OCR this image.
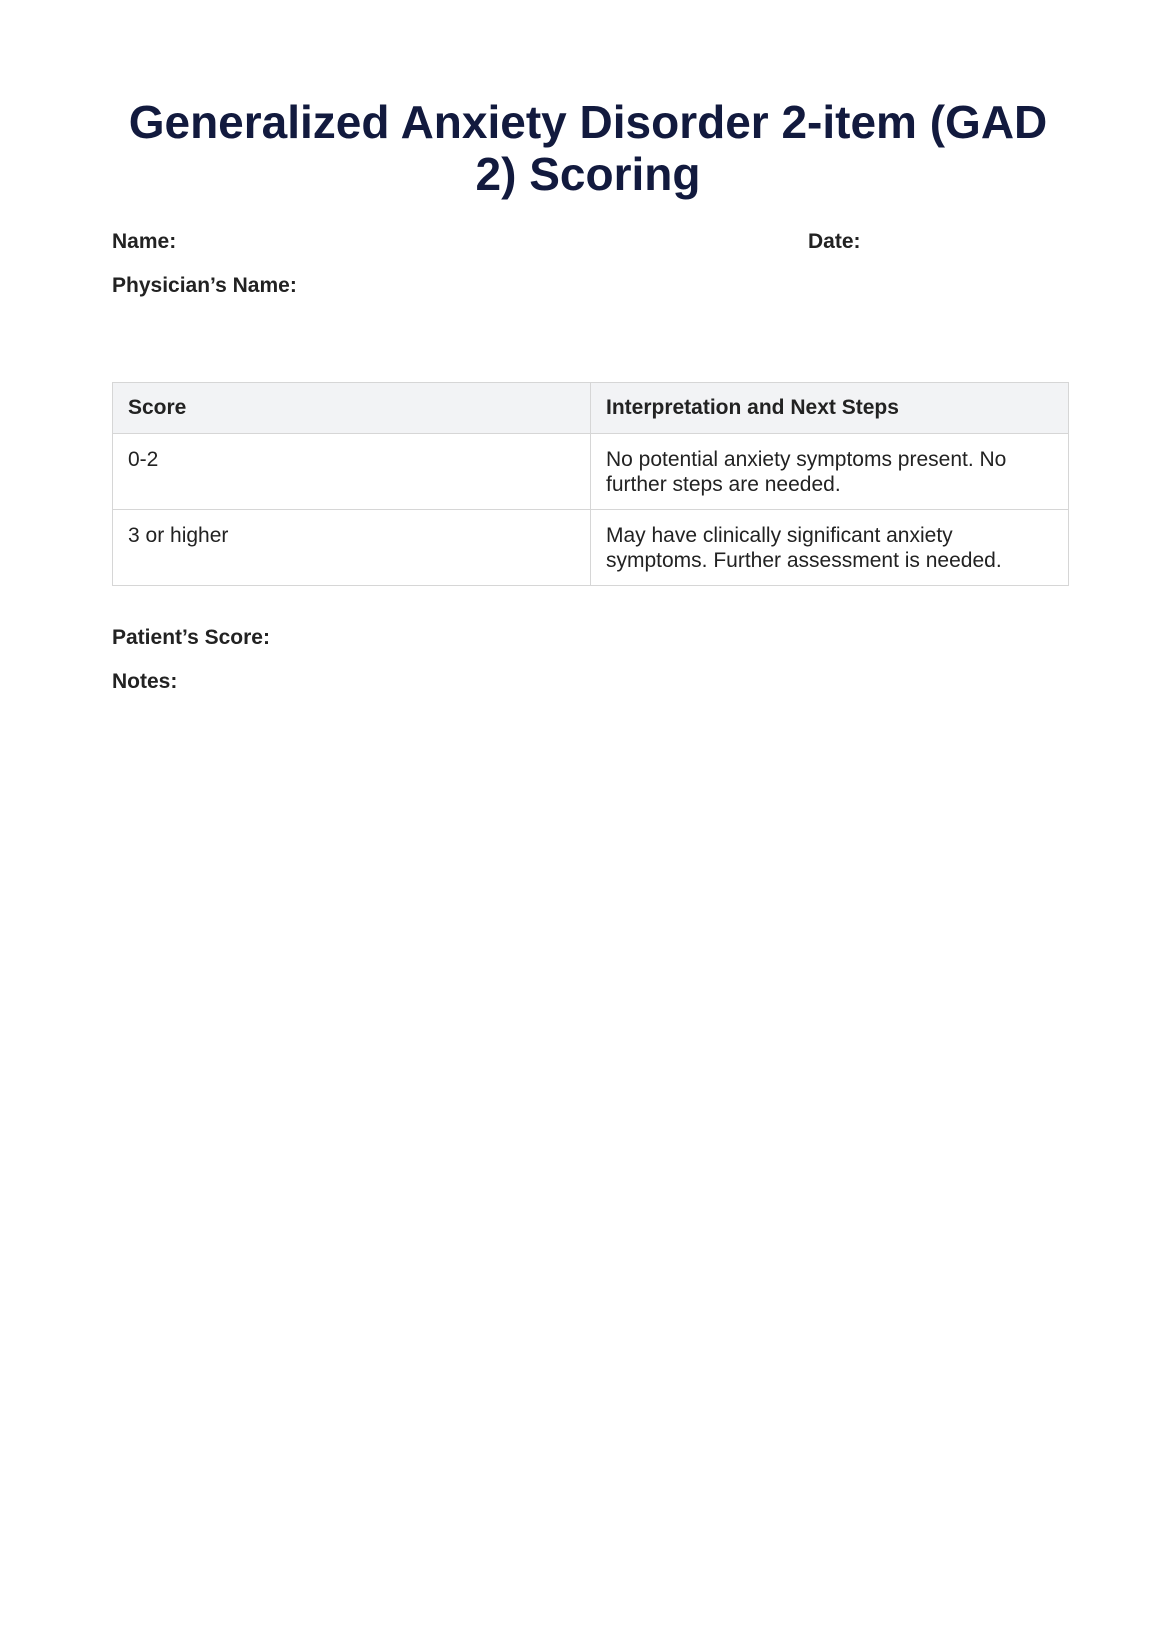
Generalized Anxiety Disorder 2-item (GAD 2) Scoring
Name:	Date:
Physician’s Name:
Score	Interpretation and Next Steps
0-2	No potential anxiety symptoms present. No further steps are needed.
3 or higher	May have clinically significant anxiety symptoms. Further assessment is needed.
Patient’s Score:
Notes:
